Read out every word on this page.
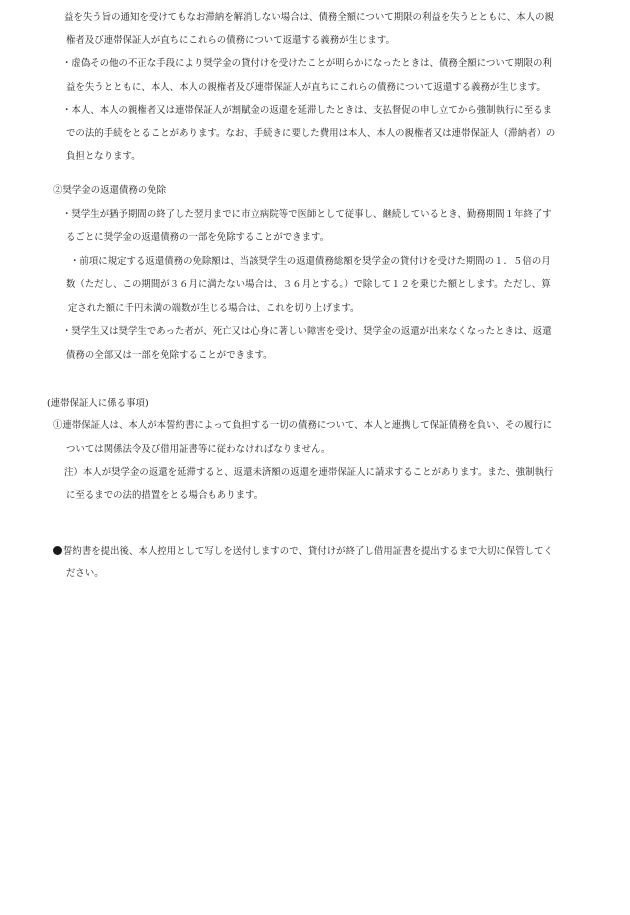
益を失う旨の通知を受けてもなお滞納を解消しない場合は、債務全額について期限の利益を失うとともに、本人の親
権者及び連帯保証人が直ちにこれらの債務について返還する義務が生じます。
・虚偽その他の不正な手段により奨学金の貸付けを受けたことが明らかになったときは、債務全額について期限の利
益を失うとともに、本人、本人の親権者及び連帯保証人が直ちにこれらの債務について返還する義務が生じます。
・本人、本人の親権者又は連帯保証人が割賦金の返還を延滞したときは、支払督促の申し立てから強制執行に至るま
での法的手続をとることがあります。なお、手続きに要した費用は本人、本人の親権者又は連帯保証人（滞納者）の
負担となります。
②奨学金の返還債務の免除
・奨学生が猶予期間の終了した翌月までに市立病院等で医師として従事し、継続しているとき、勤務期間１年終了す
るごとに奨学金の返還債務の一部を免除することができます。
・前項に規定する返還債務の免除額は、当該奨学生の返還債務総額を奨学金の貸付けを受けた期間の１．５倍の月
数（ただし、この期間が３６月に満たない場合は、３６月とする。）で除して１２を乗じた額とします。ただし、算
定された額に千円未満の端数が生じる場合は、これを切り上げます。
・奨学生又は奨学生であった者が、死亡又は心身に著しい障害を受け、奨学金の返還が出来なくなったときは、返還
債務の全部又は一部を免除することができます。
(連帯保証人に係る事項)
①連帯保証人は、本人が本誓約書によって負担する一切の債務について、本人と連携して保証債務を負い、その履行に
ついては関係法令及び借用証書等に従わなければなりません。
注）本人が奨学金の返還を延滞すると、返還未済額の返還を連帯保証人に請求することがあります。また、強制執行
に至るまでの法的措置をとる場合もあります。
誓約書を提出後、本人控用として写しを送付しますので、貸付けが終了し借用証書を提出するまで大切に保管してく
ださい。
